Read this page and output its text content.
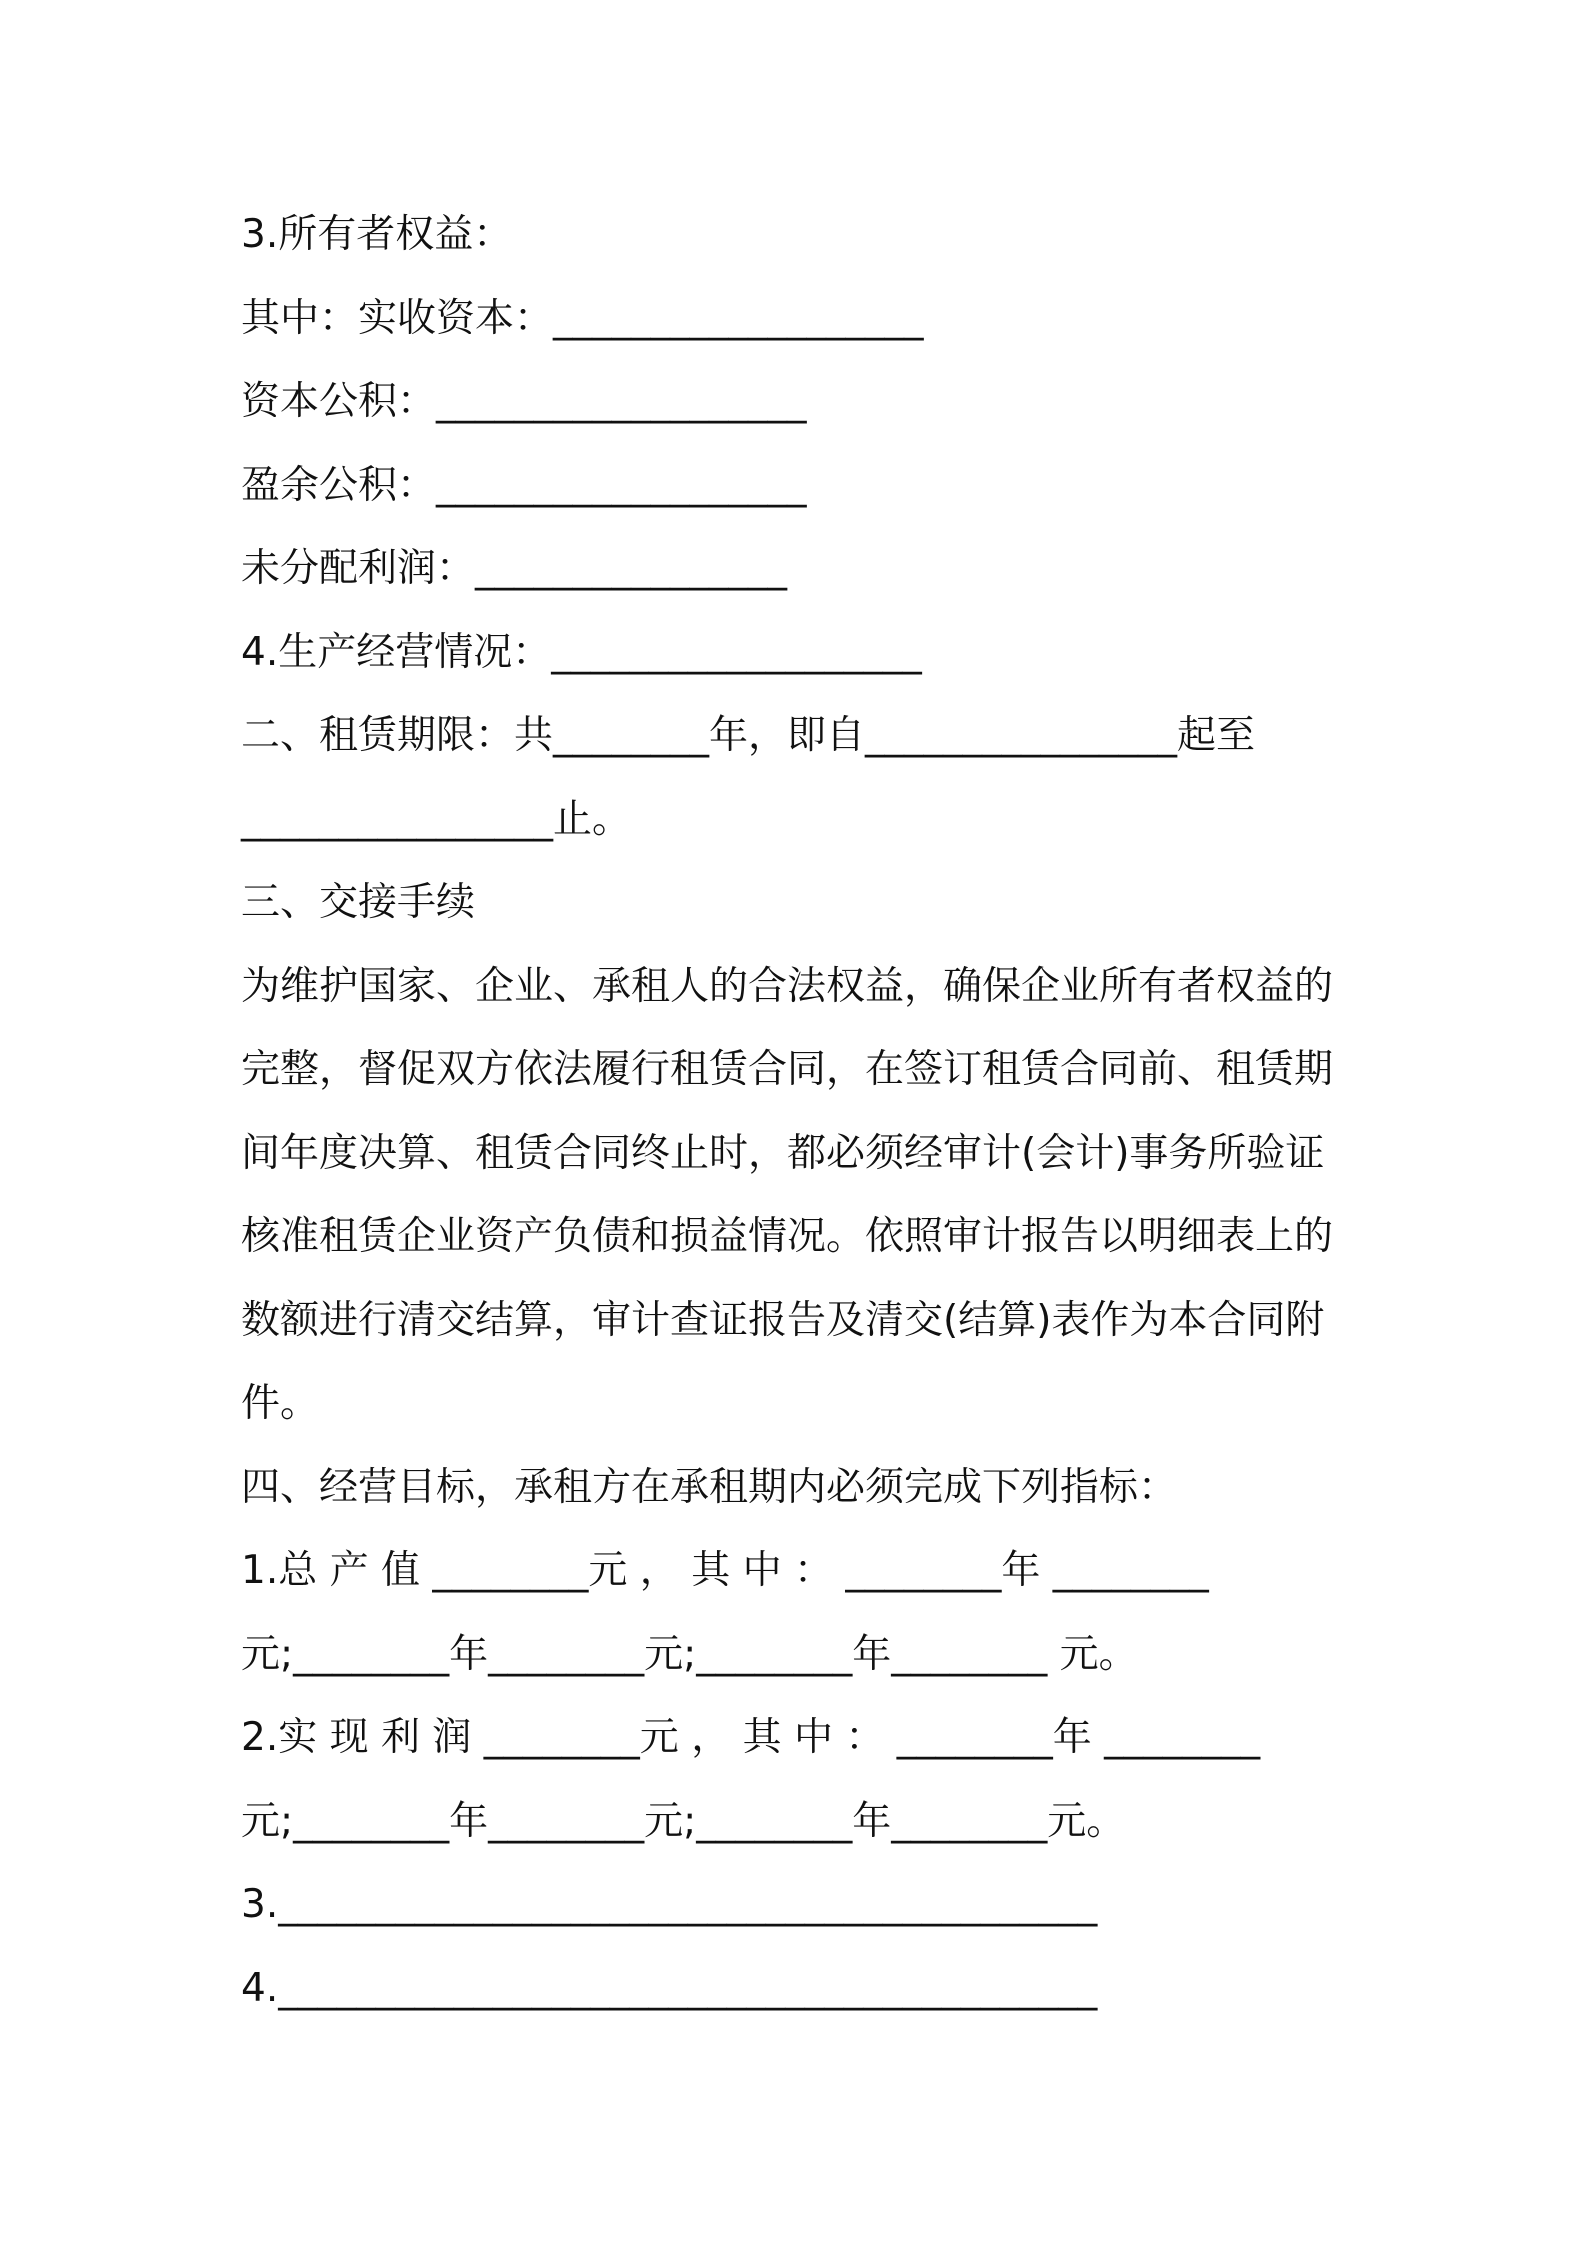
3.所有者权益：
其中：实收资本：___________________
资本公积：___________________
盈余公积：___________________
未分配利润：________________
4.生产经营情况：___________________
二、租赁期限：共________年，即自________________起至
________________止。
三、交接手续
为维护国家、企业、承租人的合法权益，确保企业所有者权益的
完整，督促双方依法履行租赁合同，在签订租赁合同前、租赁期
间年度决算、租赁合同终止时，都必须经审计(会计)事务所验证
核准租赁企业资产负债和损益情况。依照审计报告以明细表上的
数额进行清交结算，审计查证报告及清交(结算)表作为本合同附
件。
四、经营目标，承租方在承租期内必须完成下列指标：
1.总 产 值 ________元 ， 其 中 ： ________年 ________
元;________年________元;________年________ 元。
2.实 现 利 润 ________元 ， 其 中 ： ________年 ________
元;________年________元;________年________元。
3.__________________________________________
4.__________________________________________
